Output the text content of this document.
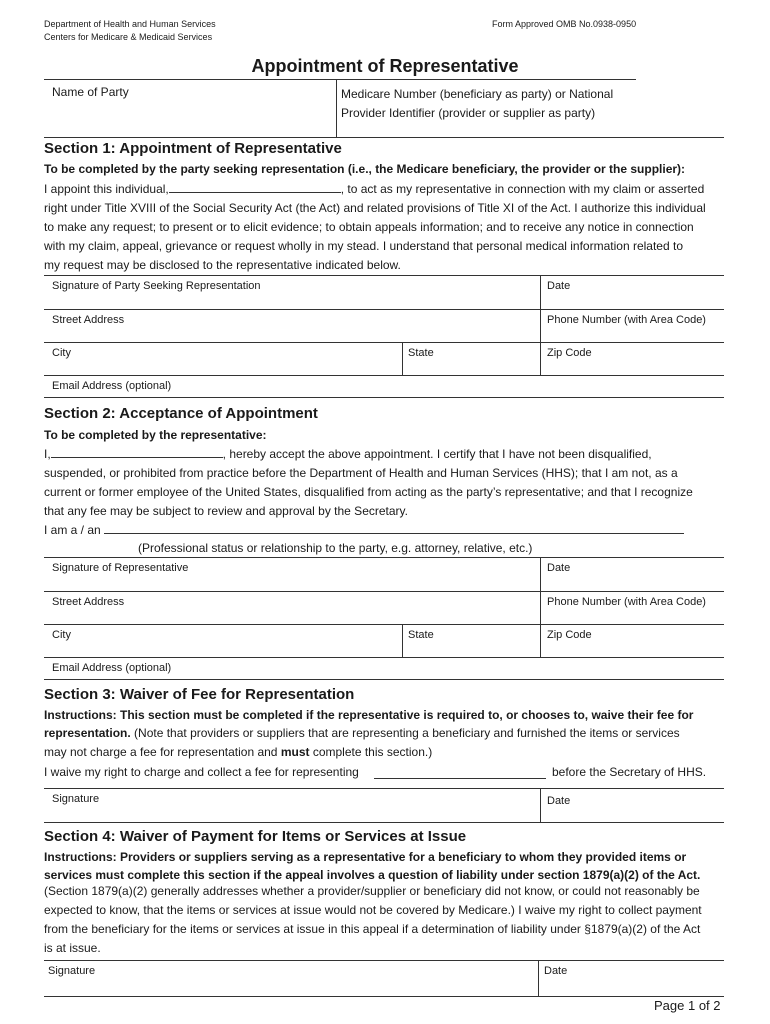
Department of Health and Human Services
Centers for Medicare & Medicaid Services
Form Approved OMB No.0938-0950
Appointment of Representative
Name of Party	Medicare Number (beneficiary as party) or National
Provider Identifier (provider or supplier as party)
Section 1: Appointment of Representative
To be completed by the party seeking representation (i.e., the Medicare beneficiary, the provider or the supplier):
I appoint this individual,	, to act as my representative in connection with my claim or asserted
right under Title XVIII of the Social Security Act (the Act) and related provisions of Title XI of the Act. I authorize this individual
to make any request; to present or to elicit evidence; to obtain appeals information; and to receive any notice in connection
with my claim, appeal, grievance or request wholly in my stead. I understand that personal medical information related to
my request may be disclosed to the representative indicated below.
Signature of Party Seeking Representation	Date
Street Address	Phone Number (with Area Code)
City	State	Zip Code
Email Address (optional)
Section 2: Acceptance of Appointment
To be completed by the representative:
I,	, hereby accept the above appointment. I certify that I have not been disqualified,
suspended, or prohibited from practice before the Department of Health and Human Services (HHS); that I am not, as a
current or former employee of the United States, disqualified from acting as the party’s representative; and that I recognize
that any fee may be subject to review and approval by the Secretary.
I am a / an
(Professional status or relationship to the party, e.g. attorney, relative, etc.)
Signature of Representative	Date
Street Address	Phone Number (with Area Code)
City	State	Zip Code
Email Address (optional)
Section 3: Waiver of Fee for Representation
Instructions: This section must be completed if the representative is required to, or chooses to, waive their fee for
representation. (Note that providers or suppliers that are representing a beneficiary and furnished the items or services
may not charge a fee for representation and must complete this section.)
I waive my right to charge and collect a fee for representing	before the Secretary of HHS.
Signature	Date
Section 4: Waiver of Payment for Items or Services at Issue
Instructions: Providers or suppliers serving as a representative for a beneficiary to whom they provided items or
services must complete this section if the appeal involves a question of liability under section 1879(a)(2) of the Act.
(Section 1879(a)(2) generally addresses whether a provider/supplier or beneficiary did not know, or could not reasonably be
expected to know, that the items or services at issue would not be covered by Medicare.) I waive my right to collect payment
from the beneficiary for the items or services at issue in this appeal if a determination of liability under §1879(a)(2) of the Act
is at issue.
Signature	Date
Page 1 of 2
